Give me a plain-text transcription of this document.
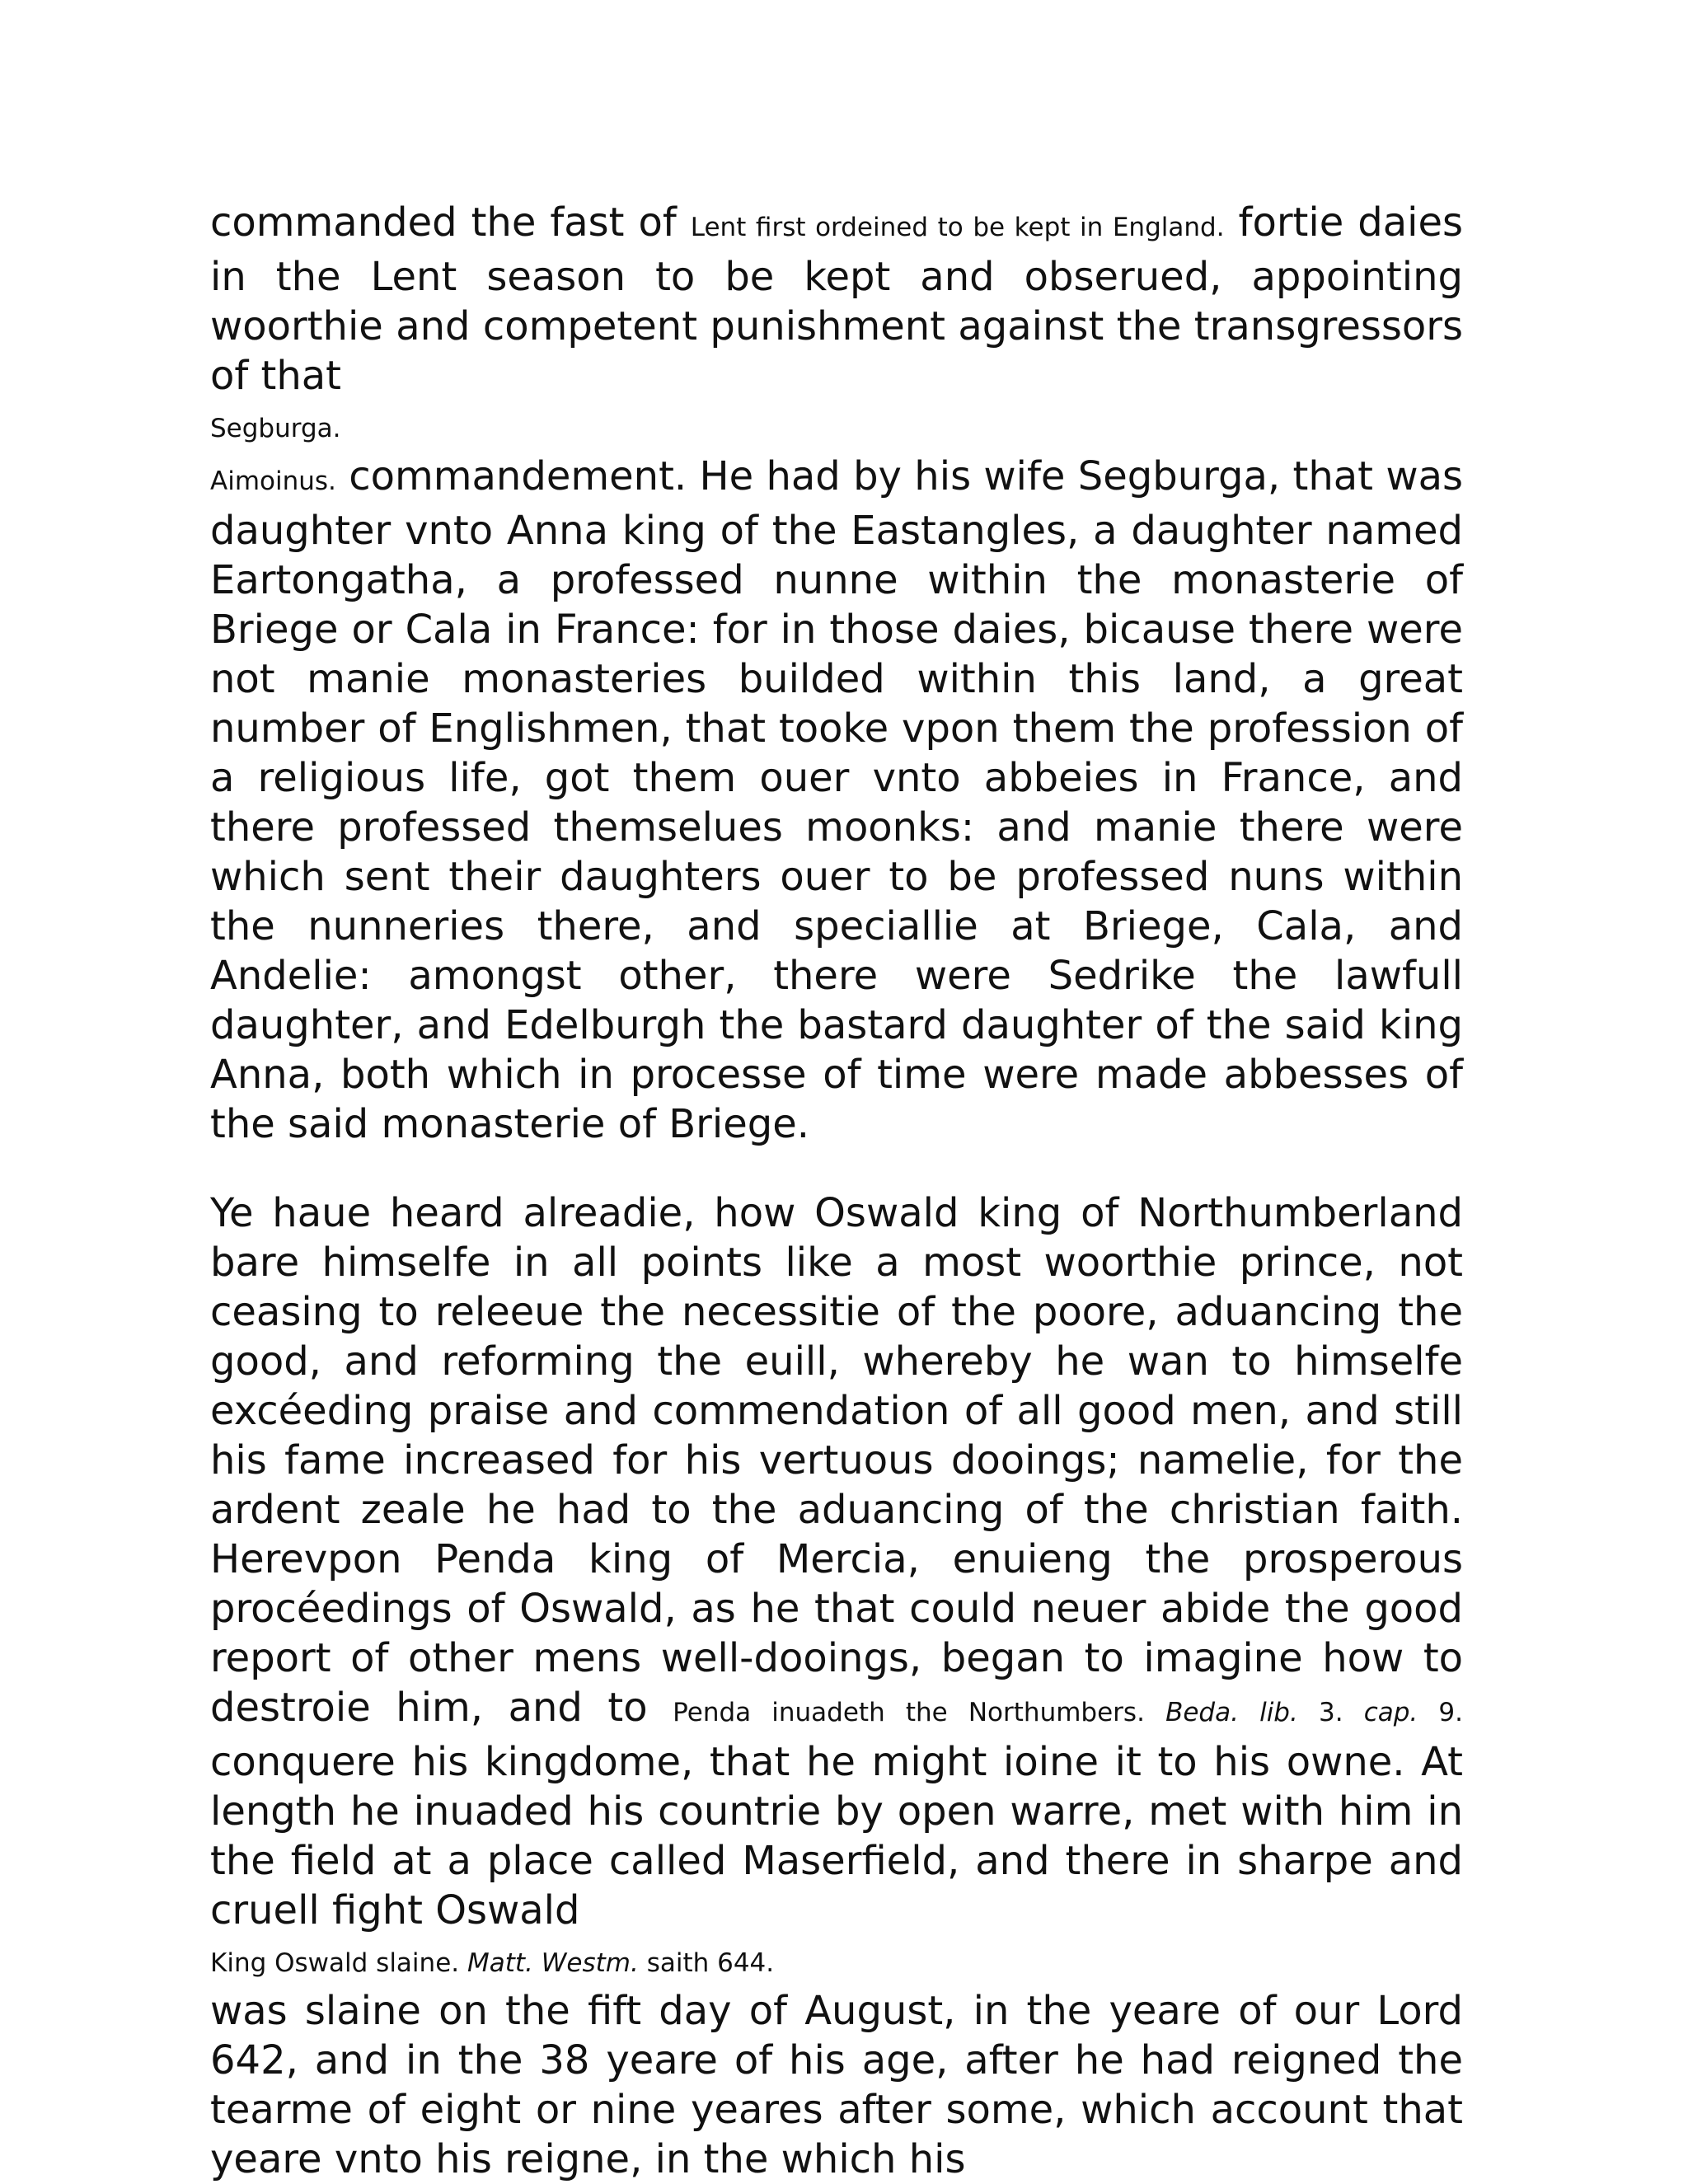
commanded the fast of Lent first ordeined to be kept in England. fortie daies in the Lent season to be kept and obserued, appointing woorthie and competent punishment against the transgressors of that
Segburga.
Aimoinus. commandement. He had by his wife Segburga, that was daughter vnto Anna king of the Eastangles, a daughter named Eartongatha, a professed nunne within the monasterie of Briege or Cala in France: for in those daies, bicause there were not manie monasteries builded within this land, a great number of Englishmen, that tooke vpon them the profession of a religious life, got them ouer vnto abbeies in France, and there professed themselues moonks: and manie there were which sent their daughters ouer to be professed nuns within the nunneries there, and speciallie at Briege, Cala, and Andelie: amongst other, there were Sedrike the lawfull daughter, and Edelburgh the bastard daughter of the said king Anna, both which in processe of time were made abbesses of the said monasterie of Briege.

Ye haue heard alreadie, how Oswald king of Northumberland bare himselfe in all points like a most woorthie prince, not ceasing to releeue the necessitie of the poore, aduancing the good, and reforming the euill, whereby he wan to himselfe excéeding praise and commendation of all good men, and still his fame increased for his vertuous dooings; namelie, for the ardent zeale he had to the aduancing of the christian faith. Herevpon Penda king of Mercia, enuieng the prosperous procéedings of Oswald, as he that could neuer abide the good report of other mens well-dooings, began to imagine how to destroie him, and to Penda inuadeth the Northumbers. Beda. lib. 3. cap. 9. conquere his kingdome, that he might ioine it to his owne. At length he inuaded his countrie by open warre, met with him in the field at a place called Maserfield, and there in sharpe and cruell fight Oswald
King Oswald slaine. Matt. Westm. saith 644.
was slaine on the fift day of August, in the yeare of our Lord 642, and in the 38 yeare of his age, after he had reigned the tearme of eight or nine yeares after some, which account that yeare vnto his reigne, in the which his
